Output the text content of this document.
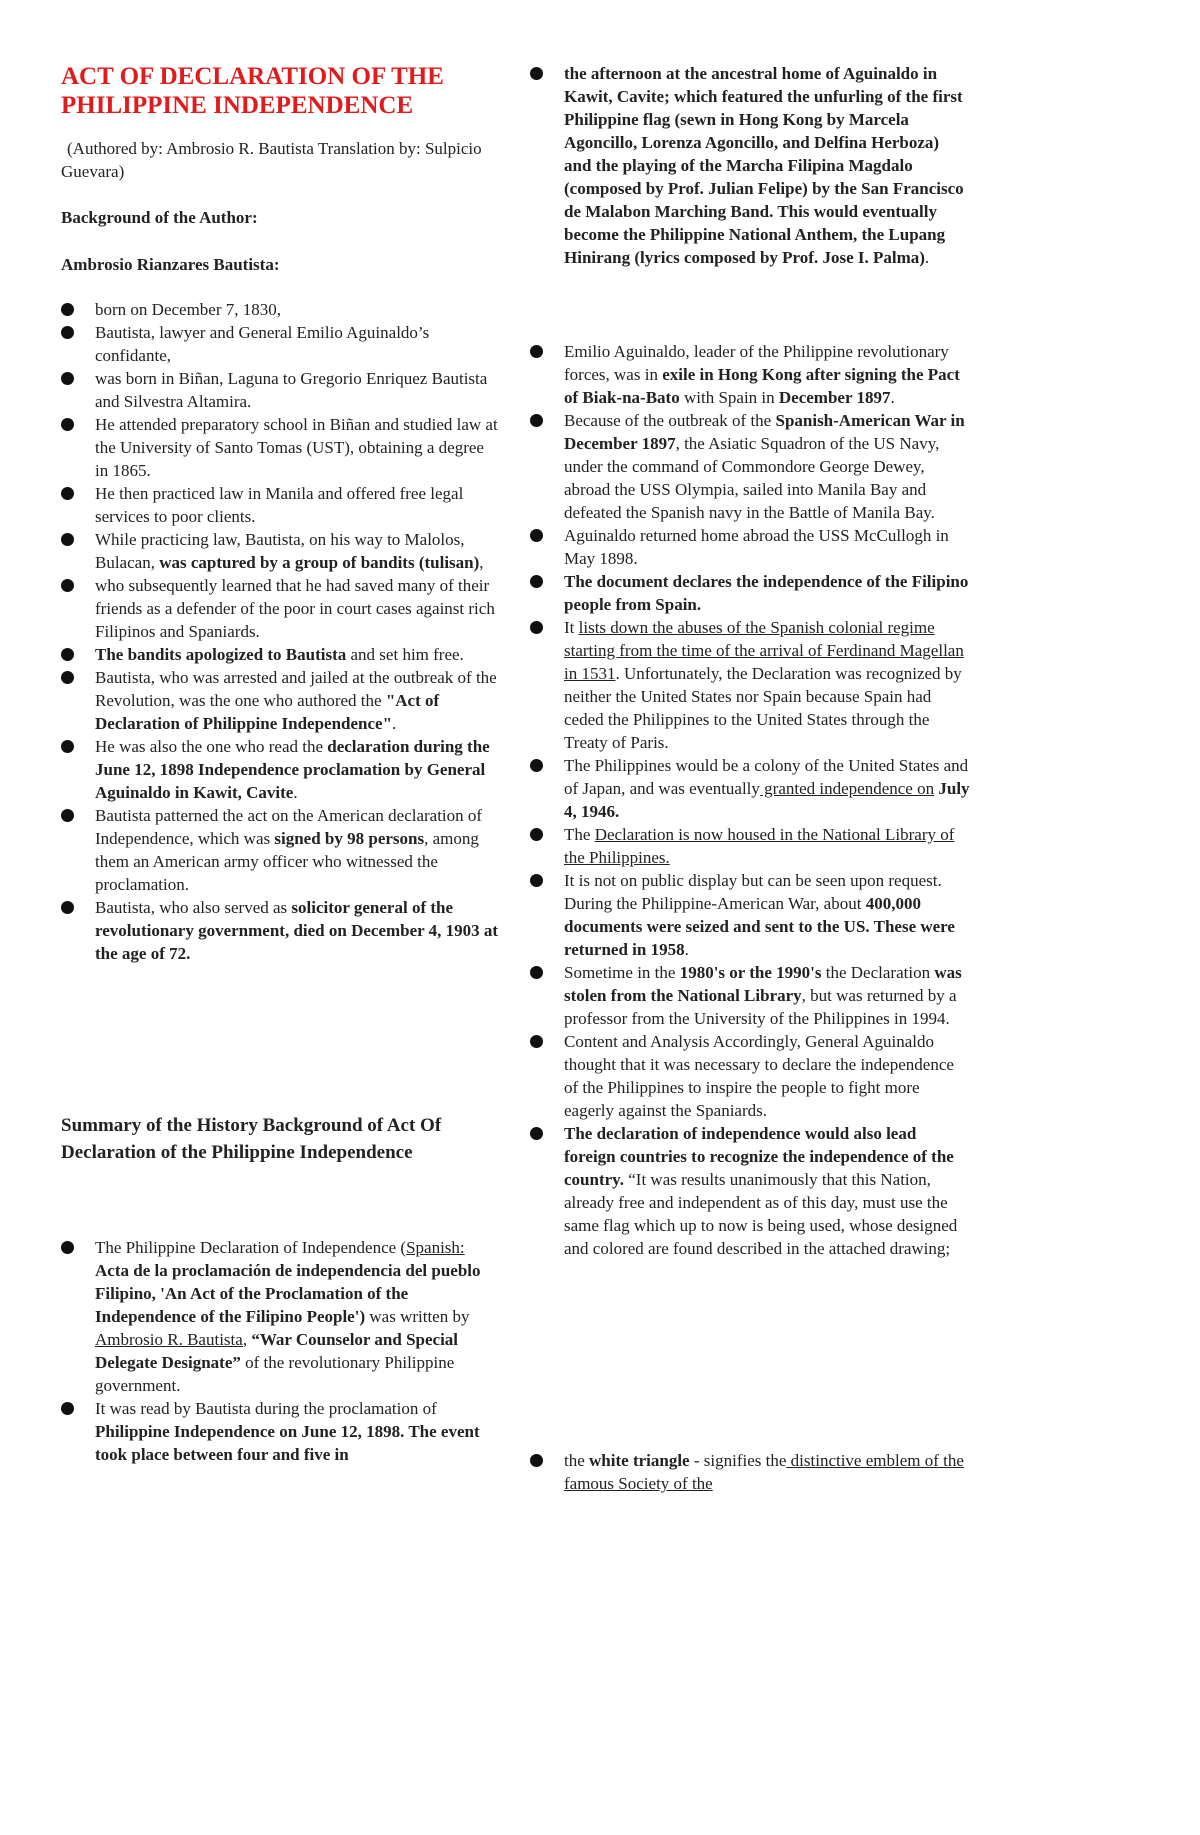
ACT OF DECLARATION OF THE PHILIPPINE INDEPENDENCE

(Authored by: Ambrosio R. Bautista Translation by: Sulpicio Guevara)

Background of the Author:

Ambrosio Rianzares Bautista:

born on December 7, 1830,
Bautista, lawyer and General Emilio Aguinaldo’s confidante,
was born in Biñan, Laguna to Gregorio Enriquez Bautista and Silvestra Altamira.
He attended preparatory school in Biñan and studied law at the University of Santo Tomas (UST), obtaining a degree in 1865.
He then practiced law in Manila and offered free legal services to poor clients.
While practicing law, Bautista, on his way to Malolos, Bulacan, was captured by a group of bandits (tulisan),
who subsequently learned that he had saved many of their friends as a defender of the poor in court cases against rich Filipinos and Spaniards.
The bandits apologized to Bautista and set him free.
Bautista, who was arrested and jailed at the outbreak of the Revolution, was the one who authored the "Act of Declaration of Philippine Independence".
He was also the one who read the declaration during the June 12, 1898 Independence proclamation by General Aguinaldo in Kawit, Cavite.
Bautista patterned the act on the American declaration of Independence, which was signed by 98 persons, among them an American army officer who witnessed the proclamation.
Bautista, who also served as solicitor general of the revolutionary government, died on December 4, 1903 at the age of 72.
Summary of the History Background of Act Of Declaration of the Philippine Independence
The Philippine Declaration of Independence (Spanish: Acta de la proclamación de independencia del pueblo Filipino, 'An Act of the Proclamation of the Independence of the Filipino People') was written by Ambrosio R. Bautista, “War Counselor and Special Delegate Designate” of the revolutionary Philippine government.
It was read by Bautista during the proclamation of Philippine Independence on June 12, 1898. The event took place between four and five in
the afternoon at the ancestral home of Aguinaldo in Kawit, Cavite; which featured the unfurling of the first Philippine flag (sewn in Hong Kong by Marcela Agoncillo, Lorenza Agoncillo, and Delfina Herboza) and the playing of the Marcha Filipina Magdalo (composed by Prof. Julian Felipe) by the San Francisco de Malabon Marching Band. This would eventually become the Philippine National Anthem, the Lupang Hinirang (lyrics composed by Prof. Jose I. Palma).
Emilio Aguinaldo, leader of the Philippine revolutionary forces, was in exile in Hong Kong after signing the Pact of Biak-na-Bato with Spain in December 1897.
Because of the outbreak of the Spanish-American War in December 1897, the Asiatic Squadron of the US Navy, under the command of Commondore George Dewey, abroad the USS Olympia, sailed into Manila Bay and defeated the Spanish navy in the Battle of Manila Bay.
Aguinaldo returned home abroad the USS McCullogh in May 1898.
The document declares the independence of the Filipino people from Spain.
It lists down the abuses of the Spanish colonial regime starting from the time of the arrival of Ferdinand Magellan in 1531. Unfortunately, the Declaration was recognized by neither the United States nor Spain because Spain had ceded the Philippines to the United States through the Treaty of Paris.
The Philippines would be a colony of the United States and of Japan, and was eventually granted independence on July 4, 1946.
The Declaration is now housed in the National Library of the Philippines.
It is not on public display but can be seen upon request. During the Philippine-American War, about 400,000 documents were seized and sent to the US. These were returned in 1958.
Sometime in the 1980's or the 1990's the Declaration was stolen from the National Library, but was returned by a professor from the University of the Philippines in 1994.
Content and Analysis Accordingly, General Aguinaldo thought that it was necessary to declare the independence of the Philippines to inspire the people to fight more eagerly against the Spaniards.
The declaration of independence would also lead foreign countries to recognize the independence of the country. “It was results unanimously that this Nation, already free and independent as of this day, must use the same flag which up to now is being used, whose designed and colored are found described in the attached drawing;
the white triangle - signifies the distinctive emblem of the famous Society of the
